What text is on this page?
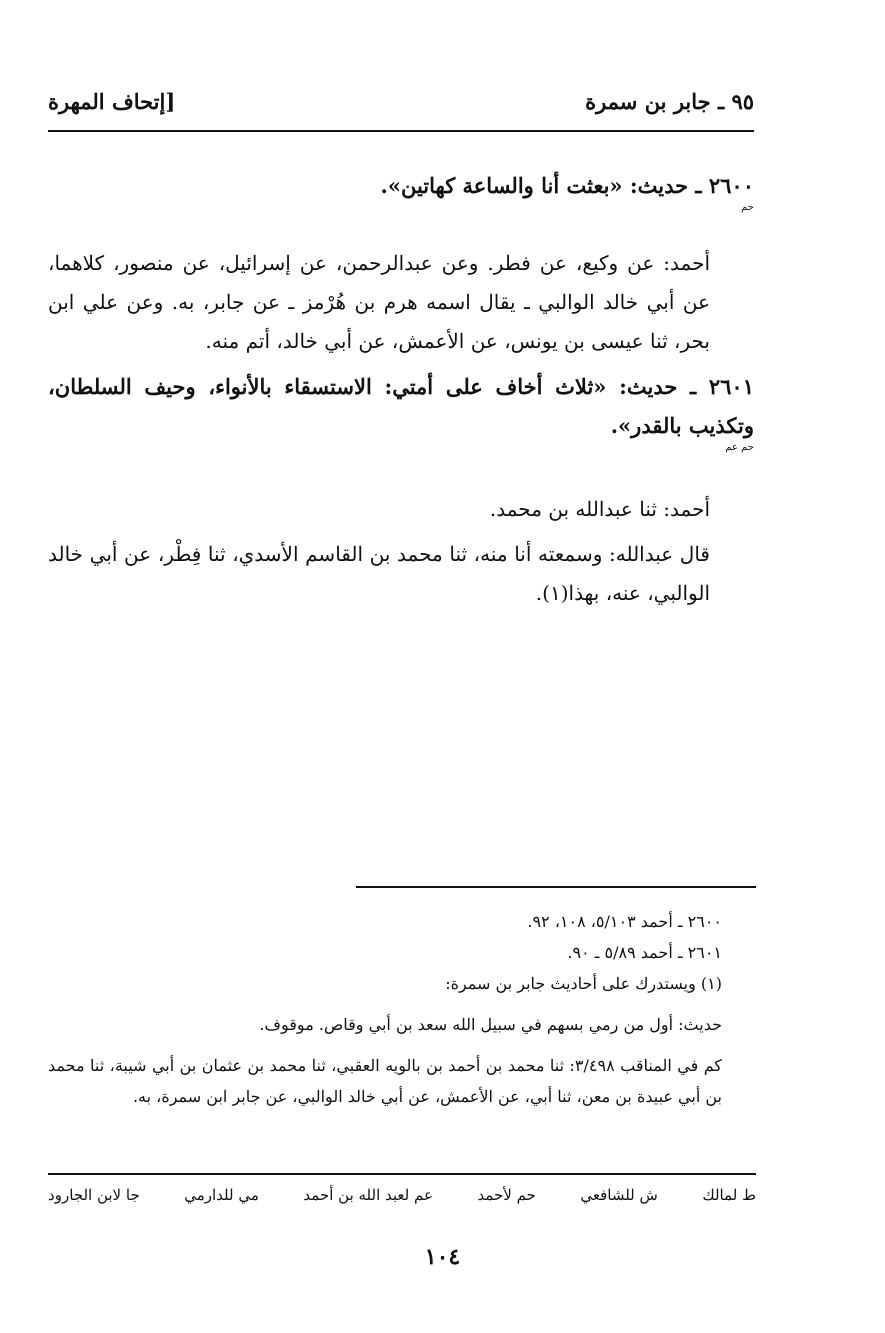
٩٥ ـ جابر بن سمرة
[إتحاف المهرة

٢٦٠٠ ـ حديث: «بعثت أنا والساعة كهاتين».

حم

أحمد: عن وكيع، عن فطر. وعن عبدالرحمن، عن إسرائيل، عن منصور، كلاهما، عن أبي خالد الوالبي ـ يقال اسمه هرم بن هُرْمز ـ عن جابر، به. وعن علي ابن بحر، ثنا عيسى بن يونس، عن الأعمش، عن أبي خالد، أتم منه.

٢٦٠١ ـ حديث: «ثلاث أخاف على أمتي: الاستسقاء بالأنواء، وحيف السلطان، وتكذيب بالقدر».

حم عم

أحمد: ثنا عبدالله بن محمد.

قال عبدالله: وسمعته أنا منه، ثنا محمد بن القاسم الأسدي، ثنا فِطْر، عن أبي خالد الوالبي، عنه، بهذا(١).

٢٦٠٠ ـ أحمد ٥/١٠٣، ١٠٨، ٩٢.

٢٦٠١ ـ أحمد ٥/٨٩ ـ ٩٠.

(١) ويستدرك على أحاديث جابر بن سمرة:

حديث: أول من رمي بسهم في سبيل الله سعد بن أبي وقاص. موقوف.

كم في المناقب ٣/٤٩٨: ثنا محمد بن أحمد بن بالويه العقبي، ثنا محمد بن عثمان بن أبي شيبة، ثنا محمد بن أبي عبيدة بن معن، ثنا أبي، عن الأعمش، عن أبي خالد الوالبي، عن جابر ابن سمرة، به.

ط لمالك
ش للشافعي
حم لأحمد
عم لعبد الله بن أحمد
مي للدارمي
جا لابن الجارود
١٠٤
